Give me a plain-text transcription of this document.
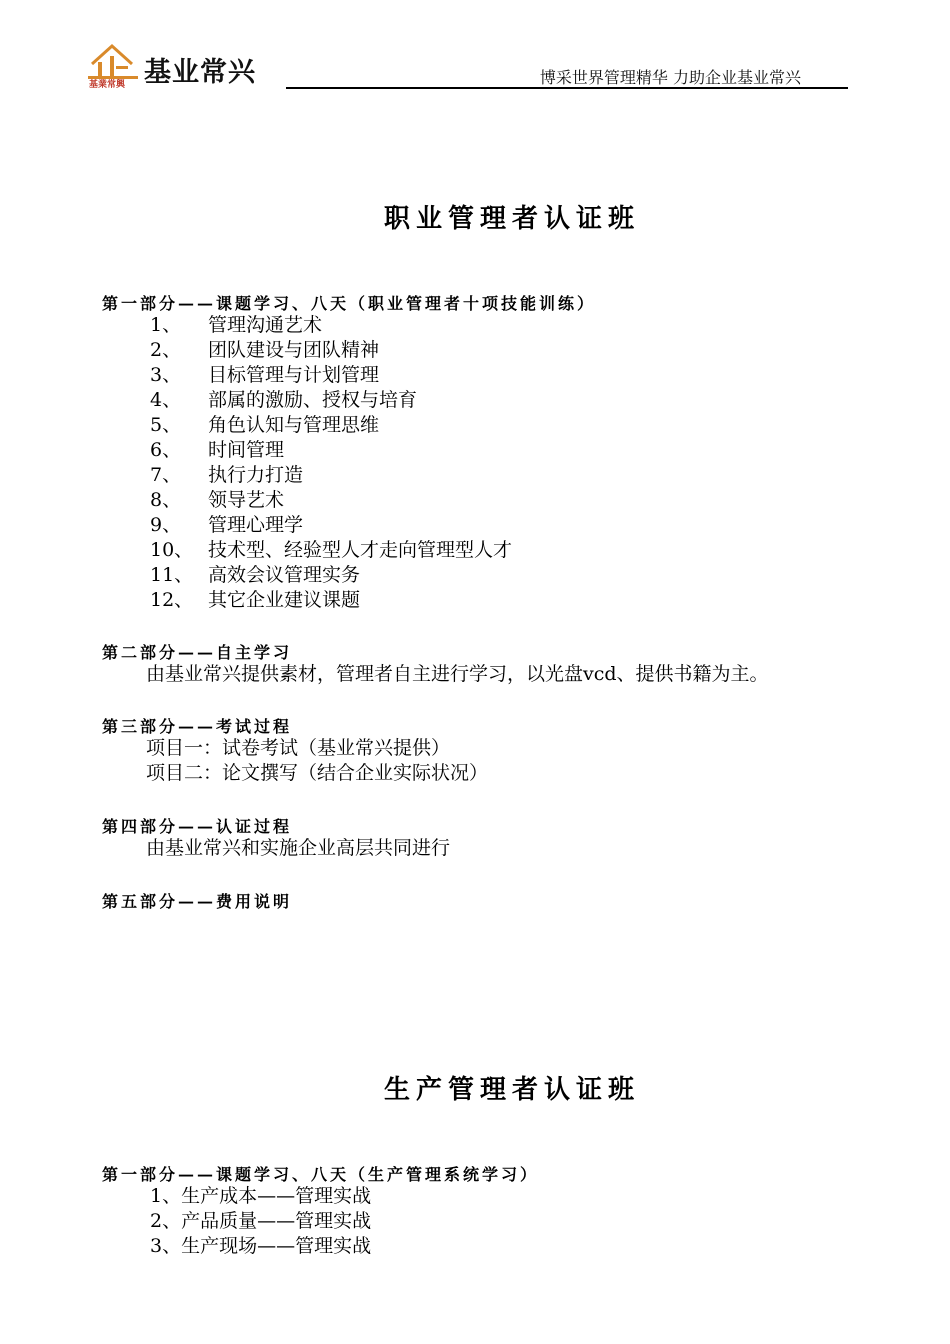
基業常興 基业常兴	博采世界管理精华 力助企业基业常兴
职业管理者认证班
第一部分——课题学习、八天（职业管理者十项技能训练）
1、 管理沟通艺术
2、 团队建设与团队精神
3、 目标管理与计划管理
4、 部属的激励、授权与培育
5、 角色认知与管理思维
6、 时间管理
7、 执行力打造
8、 领导艺术
9、 管理心理学
10、 技术型、经验型人才走向管理型人才
11、 高效会议管理实务
12、 其它企业建议课题
第二部分——自主学习
由基业常兴提供素材，管理者自主进行学习，以光盘vcd、提供书籍为主。
第三部分——考试过程
项目一：试卷考试（基业常兴提供）
项目二：论文撰写（结合企业实际状况）
第四部分——认证过程
由基业常兴和实施企业高层共同进行
第五部分——费用说明
生产管理者认证班
第一部分——课题学习、八天（生产管理系统学习）
1、生产成本——管理实战
2、产品质量——管理实战
3、生产现场——管理实战
